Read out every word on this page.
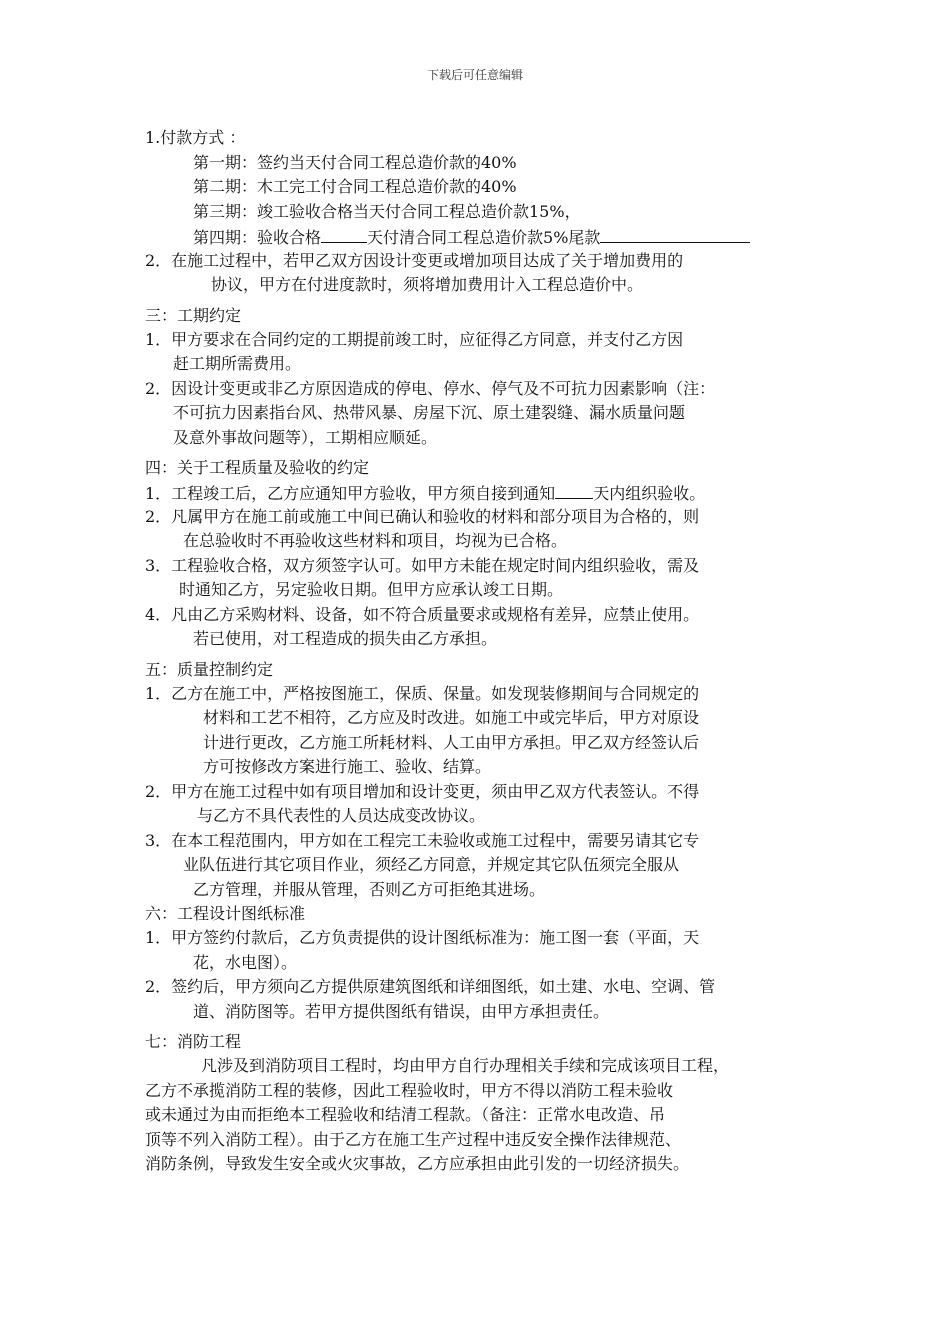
下载后可任意编辑
1.付款方式 ：
第一期：签约当天付合同工程总造价款的40%
第二期：木工完工付合同工程总造价款的40%
第三期：竣工验收合格当天付合同工程总造价款15%，
第四期：验收合格	天付清合同工程总造价款5%尾款
2．在施工过程中，若甲乙双方因设计变更或增加项目达成了关于增加费用的
协议，甲方在付进度款时，须将增加费用计入工程总造价中。
三：工期约定
1．甲方要求在合同约定的工期提前竣工时，应征得乙方同意，并支付乙方因
赶工期所需费用。
2．因设计变更或非乙方原因造成的停电、停水、停气及不可抗力因素影响（注：
不可抗力因素指台风、热带风暴、房屋下沉、原土建裂缝、漏水质量问题
及意外事故问题等），工期相应顺延。
四：关于工程质量及验收的约定
1．工程竣工后，乙方应通知甲方验收，甲方须自接到通知 天内组织验收。
2．凡属甲方在施工前或施工中间已确认和验收的材料和部分项目为合格的，则
在总验收时不再验收这些材料和项目，均视为已合格。
3．工程验收合格，双方须签字认可。如甲方未能在规定时间内组织验收，需及
时通知乙方，另定验收日期。但甲方应承认竣工日期。
4．凡由乙方采购材料、设备，如不符合质量要求或规格有差异，应禁止使用。
若已使用，对工程造成的损失由乙方承担。
五：质量控制约定
1．乙方在施工中，严格按图施工，保质、保量。如发现装修期间与合同规定的
材料和工艺不相符，乙方应及时改进。如施工中或完毕后，甲方对原设
计进行更改，乙方施工所耗材料、人工由甲方承担。甲乙双方经签认后
方可按修改方案进行施工、验收、结算。
2．甲方在施工过程中如有项目增加和设计变更，须由甲乙双方代表签认。不得
与乙方不具代表性的人员达成变改协议。
3．在本工程范围内，甲方如在工程完工未验收或施工过程中，需要另请其它专
业队伍进行其它项目作业，须经乙方同意，并规定其它队伍须完全服从
乙方管理，并服从管理，否则乙方可拒绝其进场。
六：工程设计图纸标准
1．甲方签约付款后，乙方负责提供的设计图纸标准为：施工图一套（平面，天
花，水电图）。
2．签约后，甲方须向乙方提供原建筑图纸和详细图纸，如土建、水电、空调、管
道、消防图等。若甲方提供图纸有错误，由甲方承担责任。
七：消防工程
凡涉及到消防项目工程时，均由甲方自行办理相关手续和完成该项目工程，
乙方不承揽消防工程的装修，因此工程验收时，甲方不得以消防工程未验收
或未通过为由而拒绝本工程验收和结清工程款。（备注：正常水电改造、吊
顶等不列入消防工程）。由于乙方在施工生产过程中违反安全操作法律规范、
消防条例，导致发生安全或火灾事故，乙方应承担由此引发的一切经济损失。
